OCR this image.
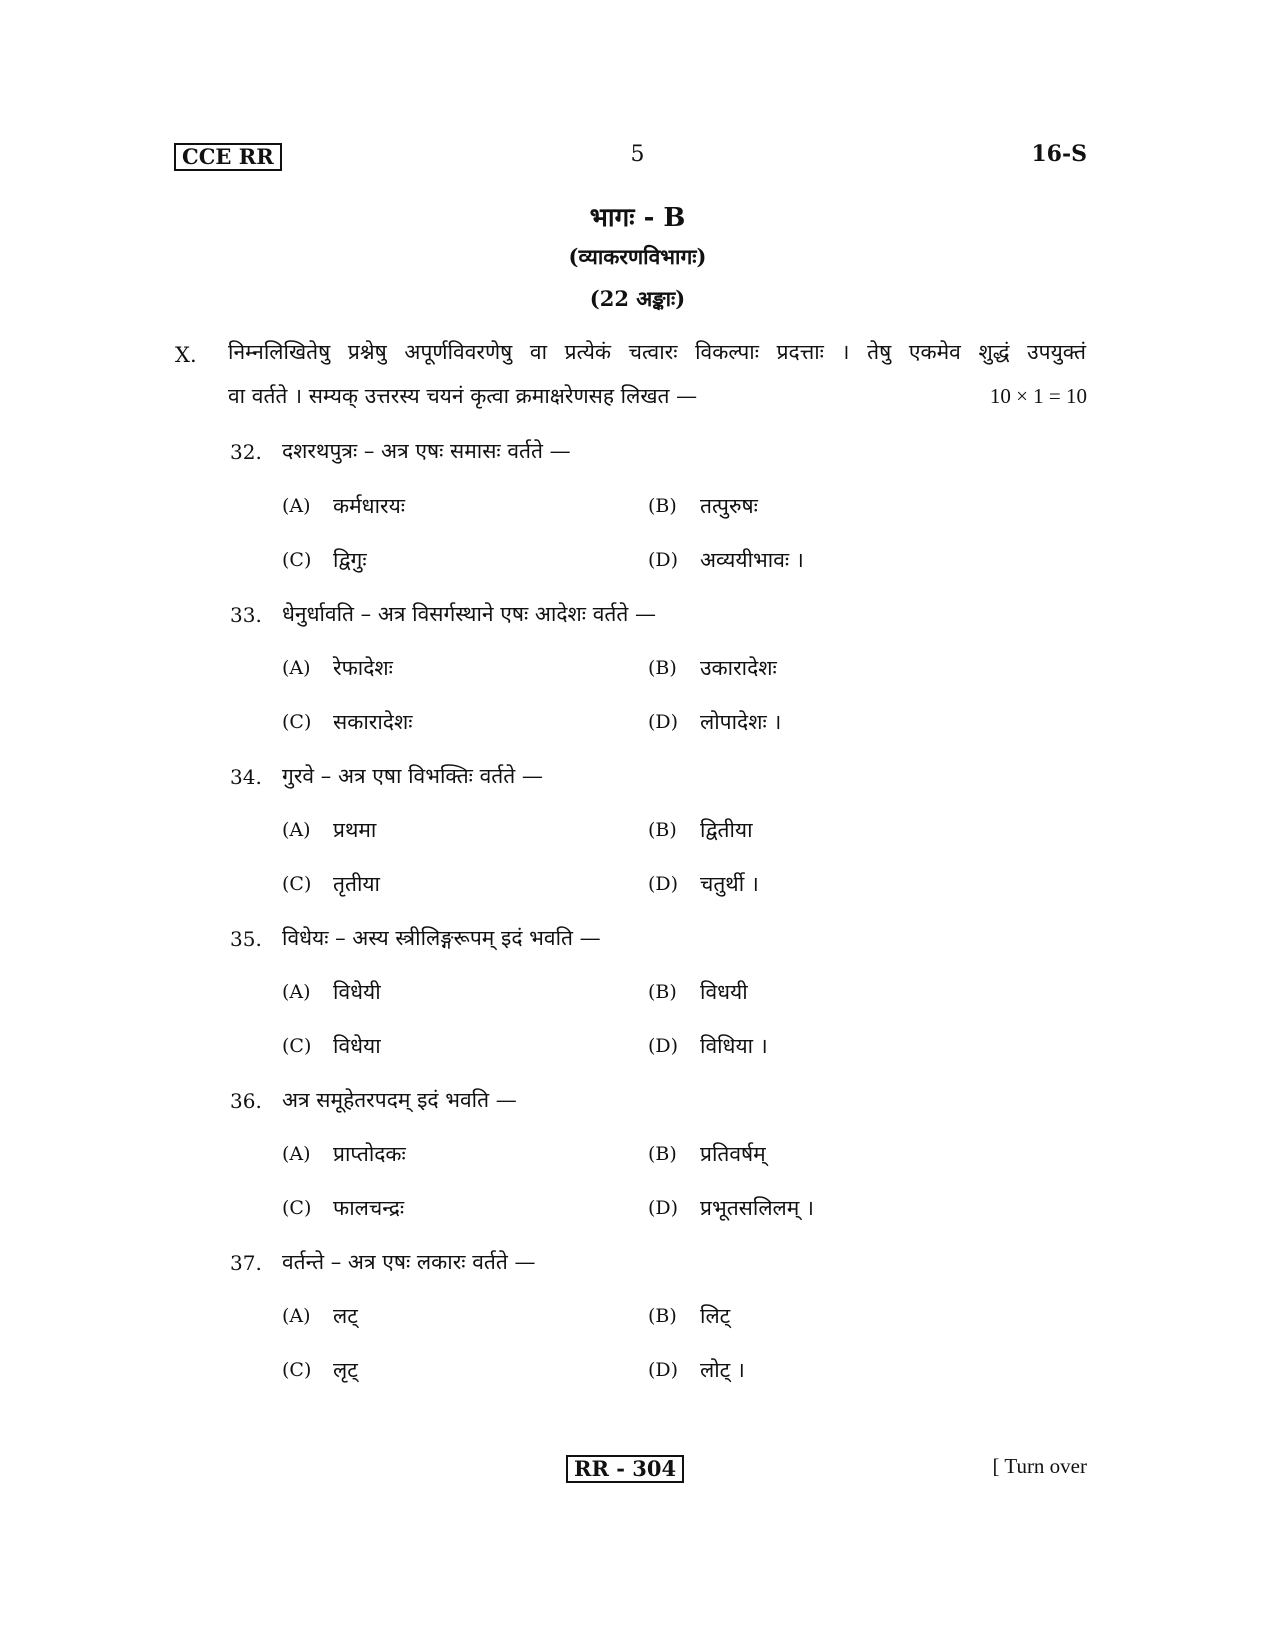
CCE RR	5	16-S
भागः - B
(व्याकरणविभागः)
(22 अङ्काः)
X. निम्नलिखितेषु प्रश्नेषु अपूर्णविवरणेषु वा प्रत्येकं चत्वारः विकल्पाः प्रदत्ताः । तेषु एकमेव शुद्धं उपयुक्तं
वा वर्तते । सम्यक् उत्तरस्य चयनं कृत्वा क्रमाक्षरेणसह लिखत —	10 × 1 = 10
32. दशरथपुत्रः – अत्र एषः समासः वर्तते —
(A) कर्मधारयः	(B) तत्पुरुषः
(C) द्विगुः	(D) अव्ययीभावः ।
33. धेनुर्धावति – अत्र विसर्गस्थाने एषः आदेशः वर्तते —
(A) रेफादेशः	(B) उकारादेशः
(C) सकारादेशः	(D) लोपादेशः ।
34. गुरवे – अत्र एषा विभक्तिः वर्तते —
(A) प्रथमा	(B) द्वितीया
(C) तृतीया	(D) चतुर्थी ।
35. विधेयः – अस्य स्त्रीलिङ्गरूपम् इदं भवति —
(A) विधेयी	(B) विधयी
(C) विधेया	(D) विधिया ।
36. अत्र समूहेतरपदम् इदं भवति —
(A) प्राप्तोदकः	(B) प्रतिवर्षम्
(C) फालचन्द्रः	(D) प्रभूतसलिलम् ।
37. वर्तन्ते – अत्र एषः लकारः वर्तते —
(A) लट्	(B) लिट्
(C) लृट्	(D) लोट् ।
RR - 304	[ Turn over
